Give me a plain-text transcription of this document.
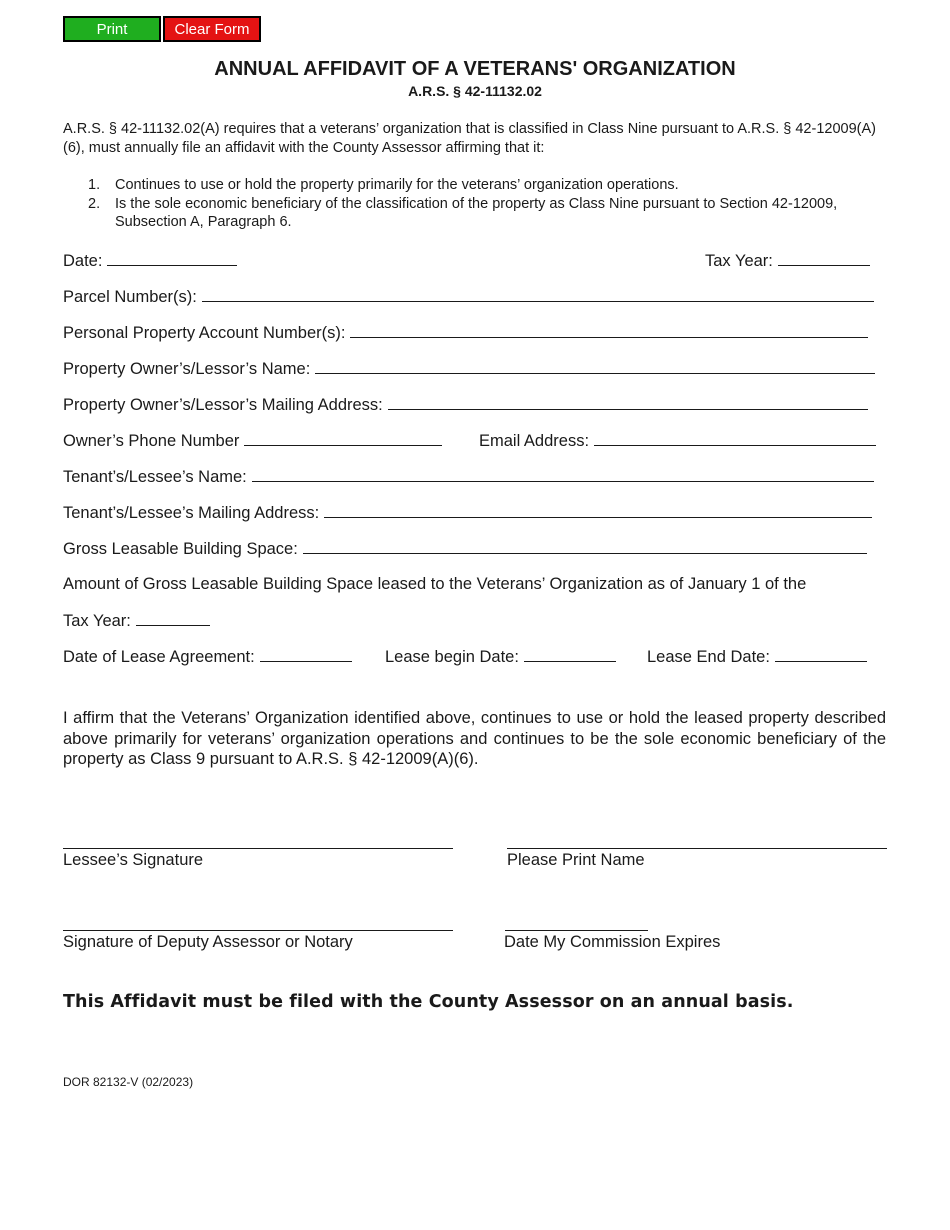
Print	Clear Form
ANNUAL AFFIDAVIT OF A VETERANS' ORGANIZATION
A.R.S. § 42-11132.02
A.R.S. § 42-11132.02(A) requires that a veterans’ organization that is classified in Class Nine pursuant to A.R.S. § 42-12009(A)(6), must annually file an affidavit with the County Assessor affirming that it:
1. Continues to use or hold the property primarily for the veterans’ organization operations.
2. Is the sole economic beneficiary of the classification of the property as Class Nine pursuant to Section 42-12009, Subsection A, Paragraph 6.
Date:	Tax Year:
Parcel Number(s):
Personal Property Account Number(s):
Property Owner’s/Lessor’s Name:
Property Owner’s/Lessor’s Mailing Address:
Owner’s Phone Number	Email Address:
Tenant’s/Lessee’s Name:
Tenant’s/Lessee’s Mailing Address:
Gross Leasable Building Space:
Amount of Gross Leasable Building Space leased to the Veterans’ Organization as of January 1 of the
Tax Year:
Date of Lease Agreement:	Lease begin Date:	Lease End Date:
I affirm that the Veterans’ Organization identified above, continues to use or hold the leased property described above primarily for veterans’ organization operations and continues to be the sole economic beneficiary of the property as Class 9 pursuant to A.R.S. § 42-12009(A)(6).
Lessee’s Signature	Please Print Name
Signature of Deputy Assessor or Notary	Date My Commission Expires
This Affidavit must be filed with the County Assessor on an annual basis.
DOR 82132-V (02/2023)
